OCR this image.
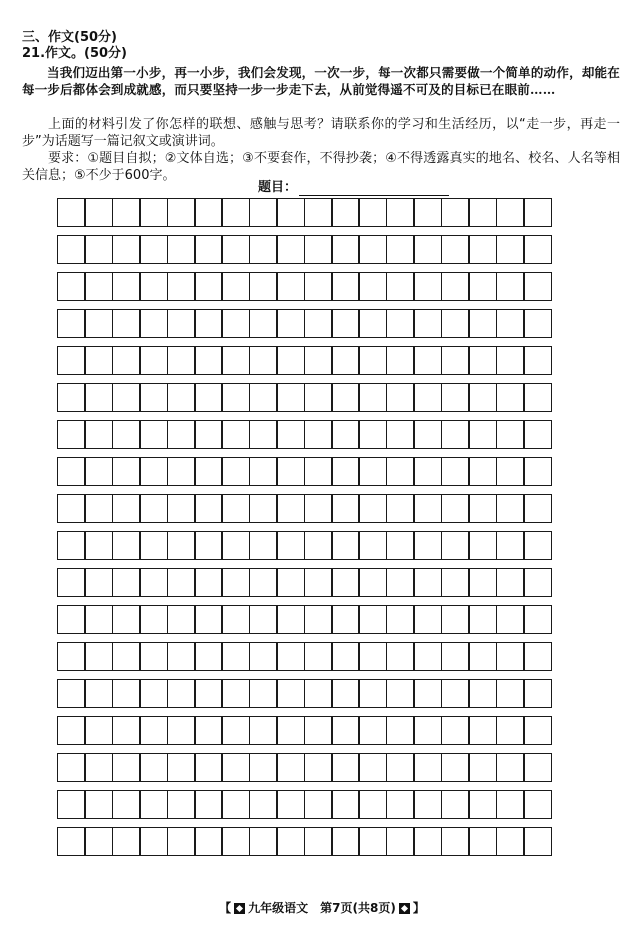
三、作文(50分)
21.作文。(50分)
当我们迈出第一小步，再一小步，我们会发现，一次一步，每一次都只需要做一个简单的动作，却能在每一步后都体会到成就感，而只要坚持一步一步走下去，从前觉得遥不可及的目标已在眼前……
上面的材料引发了你怎样的联想、感触与思考？请联系你的学习和生活经历，以“走一步，再走一步”为话题写一篇记叙文或演讲词。
要求：①题目自拟；②文体自选；③不要套作，不得抄袭；④不得透露真实的地名、校名、人名等相关信息；⑤不少于600字。
题目：
【 九年级语文　第7页(共8页) 】
